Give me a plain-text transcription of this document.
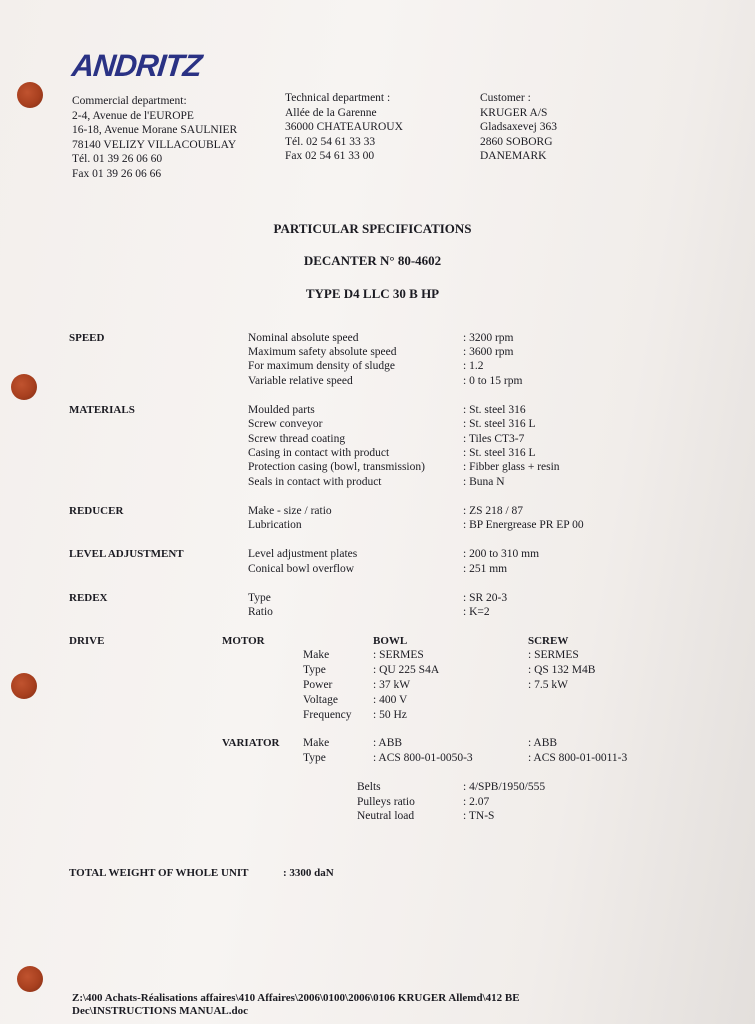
ANDRITZ
Commercial department:
2-4, Avenue de l'EUROPE
16-18, Avenue Morane SAULNIER
78140 VELIZY VILLACOUBLAY
Tél. 01 39 26 06 60
Fax 01 39 26 06 66
Technical department :
Allée de la Garenne
36000 CHATEAUROUX
Tél. 02 54 61 33 33
Fax 02 54 61 33 00
Customer :
KRUGER A/S
Gladsaxevej 363
2860 SOBORG
DANEMARK
PARTICULAR SPECIFICATIONS
DECANTER N° 80-4602
TYPE D4 LLC 30 B HP
SPEED	Nominal absolute speed	: 3200 rpm
Maximum safety absolute speed	: 3600 rpm
For maximum density of sludge	: 1.2
Variable relative speed	: 0 to 15 rpm
MATERIALS	Moulded parts	: St. steel 316
Screw conveyor	: St. steel 316 L
Screw thread coating	: Tiles CT3-7
Casing in contact with product	: St. steel 316 L
Protection casing (bowl, transmission)	: Fibber glass + resin
Seals in contact with product	: Buna N
REDUCER	Make - size / ratio	: ZS 218 / 87
Lubrication	: BP Energrease PR EP 00
LEVEL ADJUSTMENT	Level adjustment plates	: 200 to 310 mm
Conical bowl overflow	: 251 mm
REDEX	Type	: SR 20-3
Ratio	: K=2
DRIVE	MOTOR	BOWL	SCREW
Make	: SERMES	: SERMES
Type	: QU 225 S4A	: QS 132 M4B
Power	: 37 kW	: 7.5 kW
Voltage	: 400 V
Frequency : 50 Hz
VARIATOR Make	: ABB	: ABB
Type	: ACS 800-01-0050-3	: ACS 800-01-0011-3
Belts	: 4/SPB/1950/555
Pulleys ratio	: 2.07
Neutral load	: TN-S
TOTAL WEIGHT OF WHOLE UNIT	: 3300 daN
Z:\400 Achats-Réalisations affaires\410 Affaires\2006\0100\2006\0106 KRUGER Allemd\412 BE
Dec\INSTRUCTIONS MANUAL.doc
